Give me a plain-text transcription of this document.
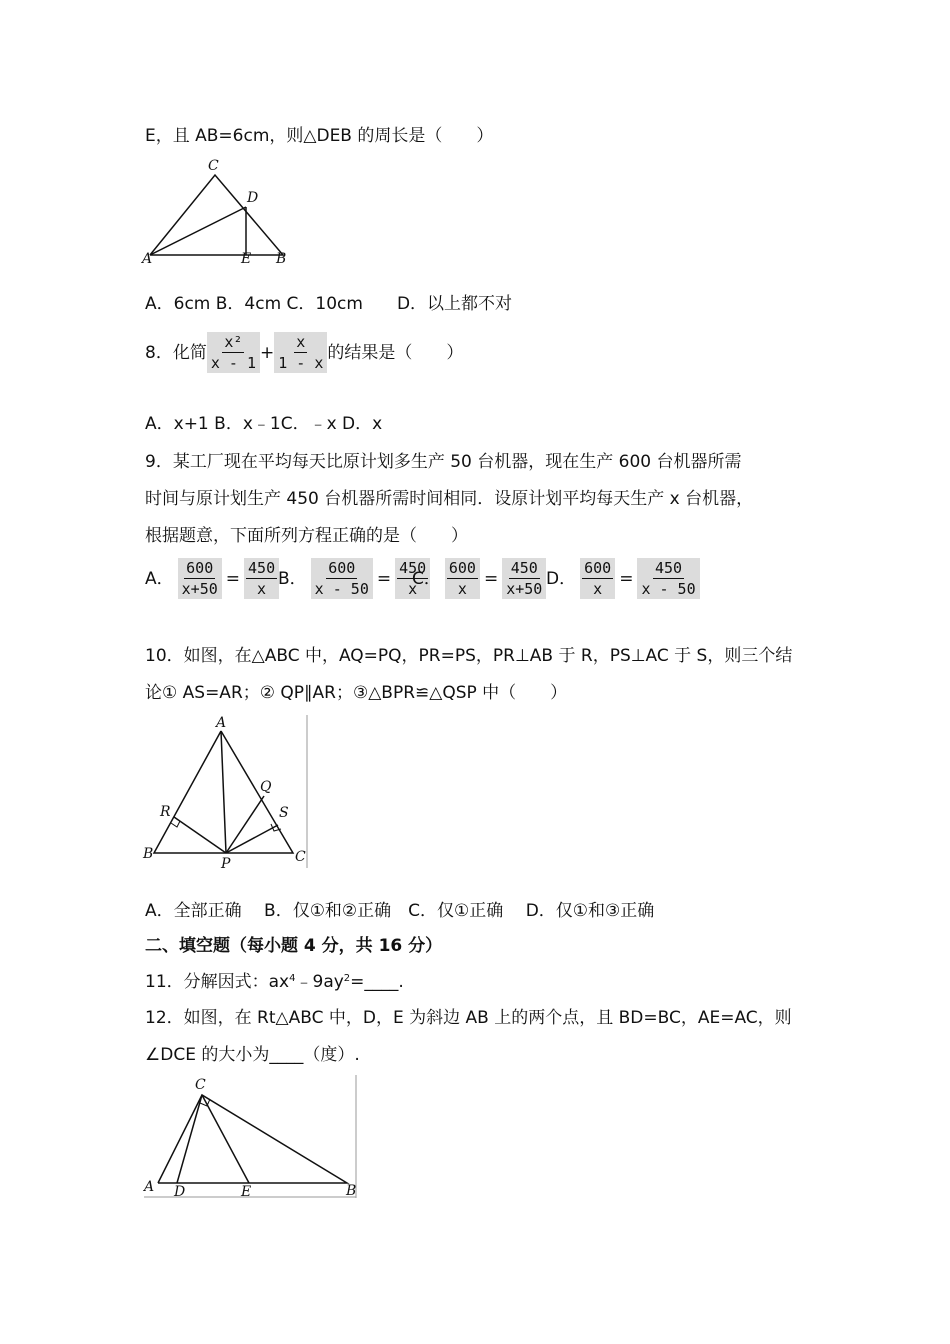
E，且 AB=6cm，则△DEB 的周长是（　　）
C
D
A	E B
A．6cm B．4cm C．10cm　　D．以上都不对
8．化简 $\frac{\text{x²}}{x - 1} + \frac{x}{1 - x}$ 的结果是（　　）
A．x+1 B．x﹣1C．﹣x D．x
9．某工厂现在平均每天比原计划多生产 50 台机器，现在生产 600 台机器所需
时间与原计划生产 450 台机器所需时间相同．设原计划平均每天生产 x 台机器，
根据题意，下面所列方程正确的是（　　）
A． $\frac{600}{x+50} = \frac{450}{x}$
B． $\frac{600}{x - 50} = \frac{450}{x}$
C． $\frac{600}{x} = \frac{450}{x+50}$ D． $\frac{600}{x} = \frac{450}{x - 50}$
10．如图，在△ABC 中，AQ=PQ，PR=PS，PR⊥AB 于 R，PS⊥AC 于 S，则三个结
论① AS=AR；② QP∥AR；③△BPR≌△QSP 中（　　）
A
Q
R	S
B	C
P
A．全部正确　 B．仅①和②正确　C．仅①正确　 D．仅①和③正确
二、填空题（每小题 4 分，共 16 分）
11．分解因式：$ax^4﹣9ay^2=\_\_\_\_$.
12．如图，在 Rt△ABC 中，D，E 为斜边 AB 上的两个点，且 BD=BC，AE=AC，则
∠DCE 的大小为____（度）.
C
A D	E	B
